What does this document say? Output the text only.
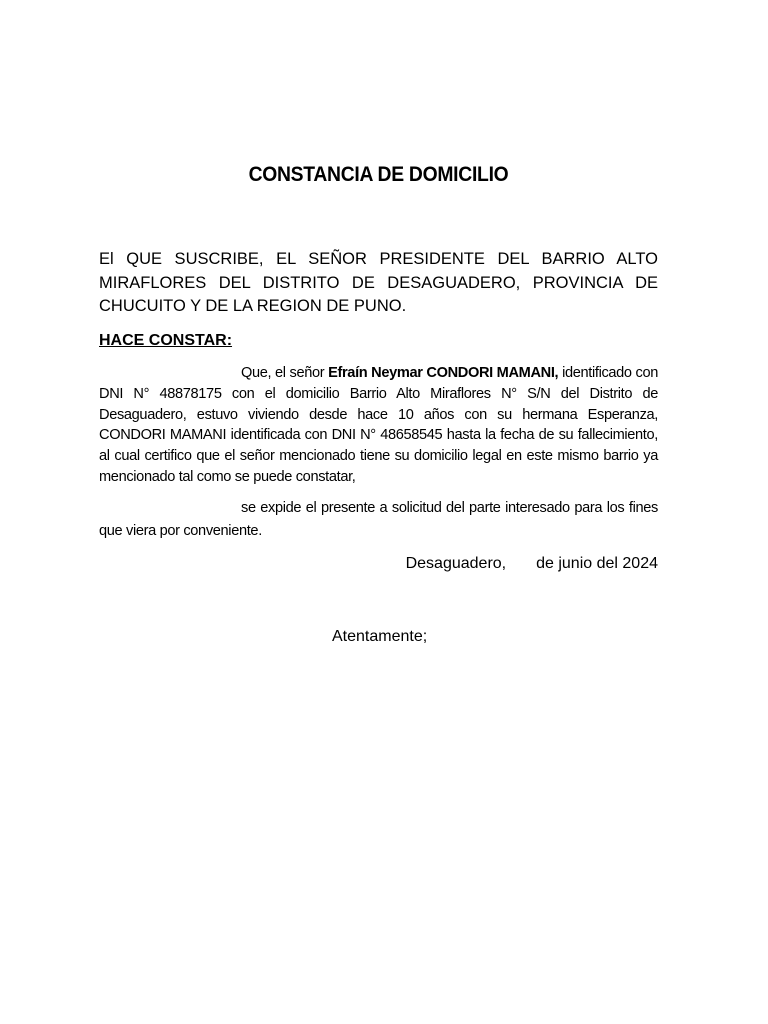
CONSTANCIA DE DOMICILIO

El QUE SUSCRIBE, EL SEÑOR PRESIDENTE DEL BARRIO ALTO MIRAFLORES DEL DISTRITO DE DESAGUADERO, PROVINCIA DE CHUCUITO Y DE LA REGION DE PUNO.

HACE CONSTAR:

Que, el señor Efraín Neymar CONDORI MAMANI, identificado con DNI N° 48878175 con el domicilio Barrio Alto Miraflores N° S/N del Distrito de Desaguadero, estuvo viviendo desde hace 10 años con su hermana Esperanza, CONDORI MAMANI identificada con DNI N° 48658545 hasta la fecha de su fallecimiento, al cual certifico que el señor mencionado tiene su domicilio legal en este mismo barrio ya mencionado tal como se puede constatar,

se expide el presente a solicitud del parte interesado para los fines que viera por conveniente.

Desaguadero, de junio del 2024

Atentamente;
